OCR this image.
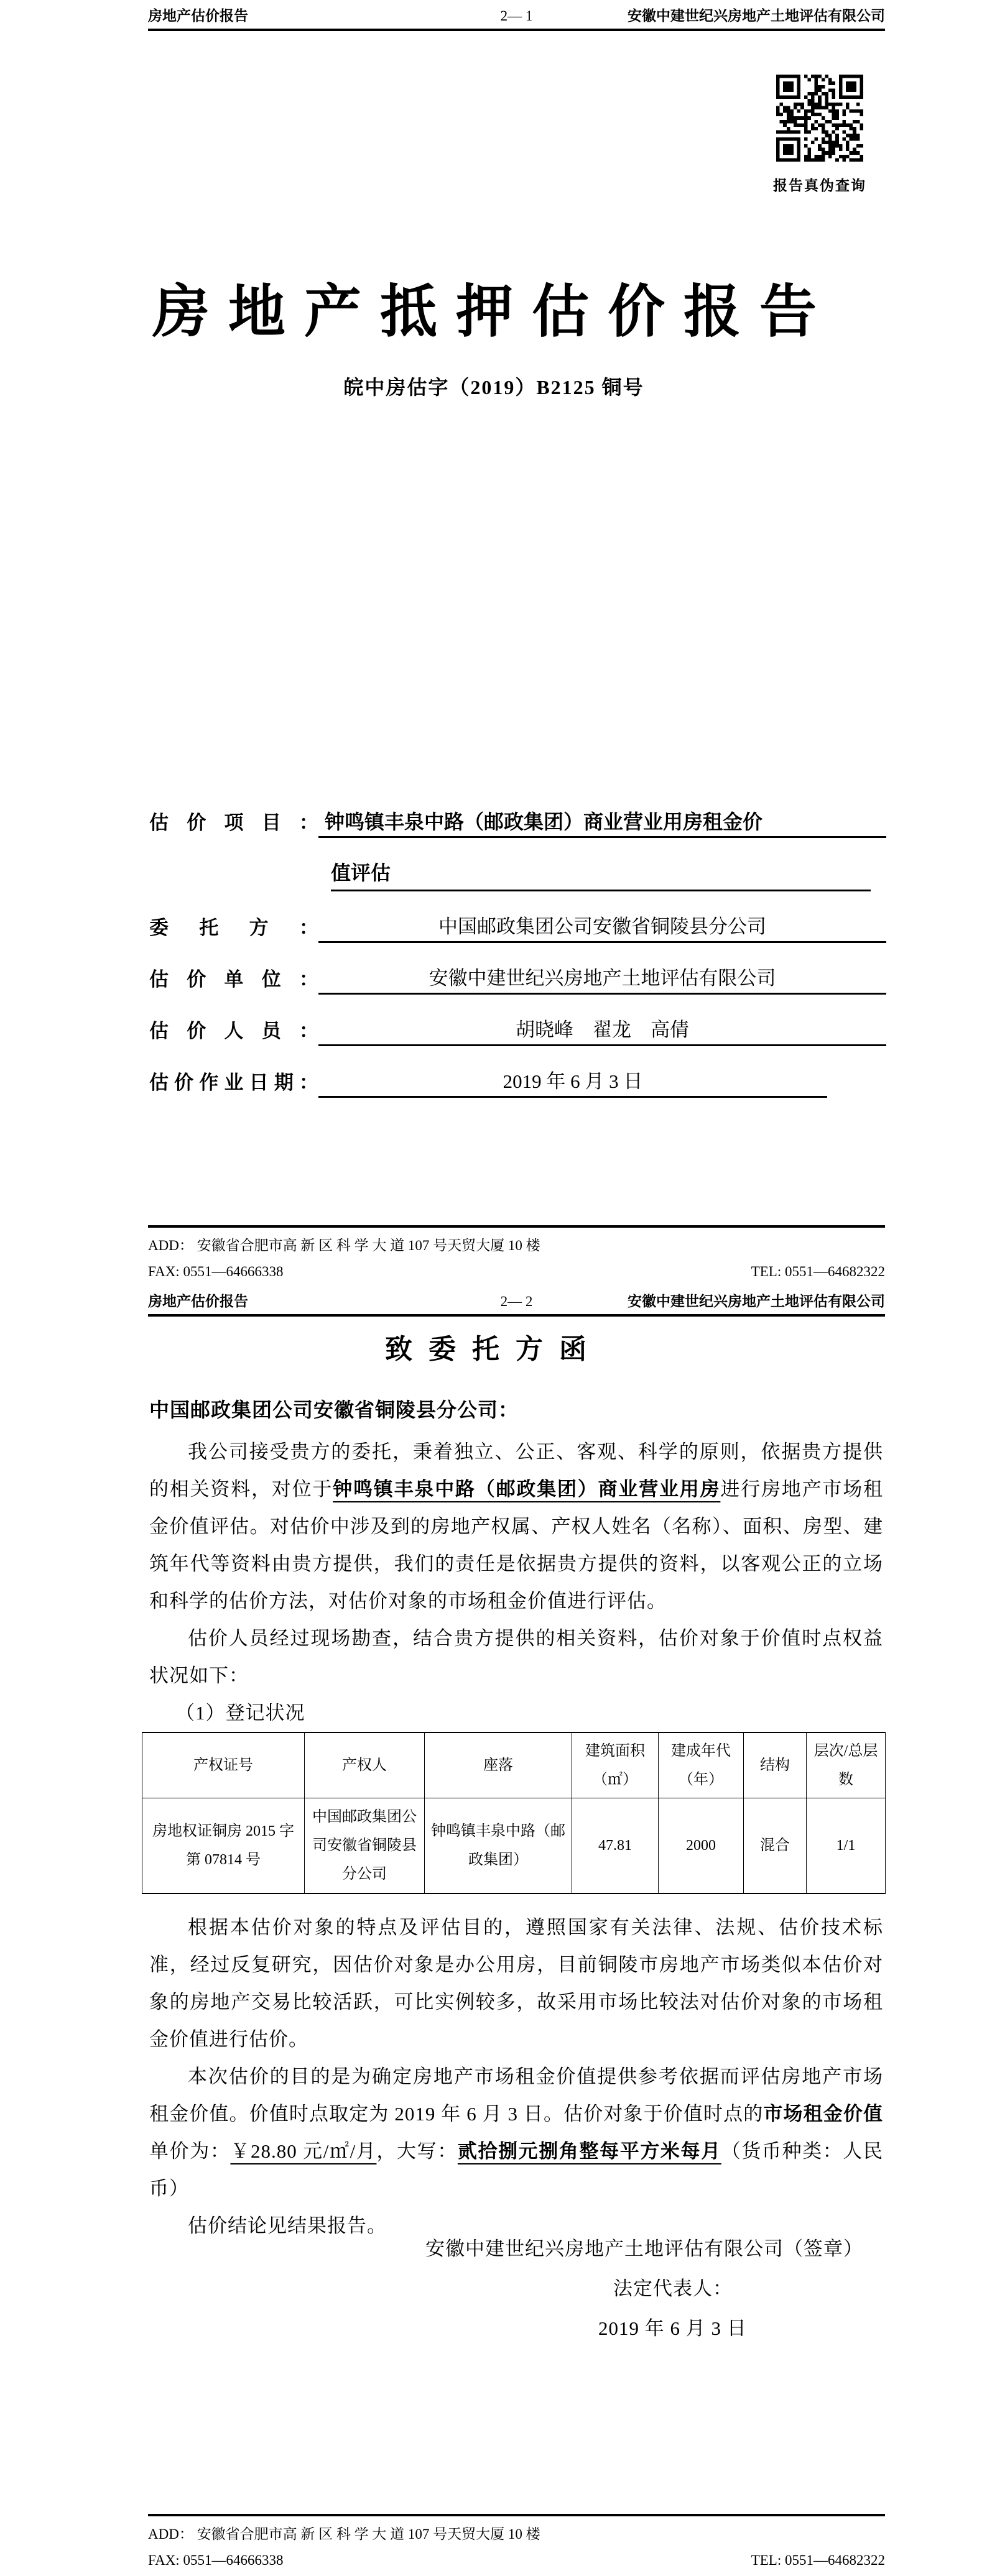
房地产估价报告	2— 1	安徽中建世纪兴房地产土地评估有限公司
报告真伪查询
房地产抵押估价报告
皖中房估字（2019）B2125 铜号
估价项目： 钟鸣镇丰泉中路（邮政集团）商业营业用房租金价
值评估
委托方：	中国邮政集团公司安徽省铜陵县分公司
估价单位：	安徽中建世纪兴房地产土地评估有限公司
估价人员：	胡晓峰    翟龙    高倩
估价作业日期：	2019 年 6 月 3 日
ADD： 安徽省合肥市高 新 区 科 学 大 道 107 号天贸大厦 10 楼
FAX: 0551—64666338	TEL: 0551—64682322
房地产估价报告	2— 2	安徽中建世纪兴房地产土地评估有限公司
致委托方函
中国邮政集团公司安徽省铜陵县分公司：

我公司接受贵方的委托，秉着独立、公正、客观、科学的原则，依据贵方提供的相关资料，对位于钟鸣镇丰泉中路（邮政集团）商业营业用房进行房地产市场租金价值评估。对估价中涉及到的房地产权属、产权人姓名（名称）、面积、房型、建筑年代等资料由贵方提供，我们的责任是依据贵方提供的资料，以客观公正的立场和科学的估价方法，对估价对象的市场租金价值进行评估。

估价人员经过现场勘查，结合贵方提供的相关资料，估价对象于价值时点权益状况如下：

（1）登记状况

产权证号	产权人	座落	建筑面积（㎡）	建成年代（年）	结构	层次/总层数
房地权证铜房 2015 字第 07814 号	中国邮政集团公司安徽省铜陵县分公司	钟鸣镇丰泉中路（邮政集团）	47.81	2000	混合	1/1

根据本估价对象的特点及评估目的，遵照国家有关法律、法规、估价技术标准，经过反复研究，因估价对象是办公用房，目前铜陵市房地产市场类似本估价对象的房地产交易比较活跃，可比实例较多，故采用市场比较法对估价对象的市场租金价值进行估价。

本次估价的目的是为确定房地产市场租金价值提供参考依据而评估房地产市场租金价值。价值时点取定为 2019 年 6 月 3 日。估价对象于价值时点的市场租金价值单价为：￥28.80 元/㎡/月，大写：贰拾捌元捌角整每平方米每月（货币种类：人民币）

估价结论见结果报告。

安徽中建世纪兴房地产土地评估有限公司（签章）
法定代表人：
2019 年 6 月 3 日
ADD： 安徽省合肥市高 新 区 科 学 大 道 107 号天贸大厦 10 楼
FAX: 0551—64666338	TEL: 0551—64682322
